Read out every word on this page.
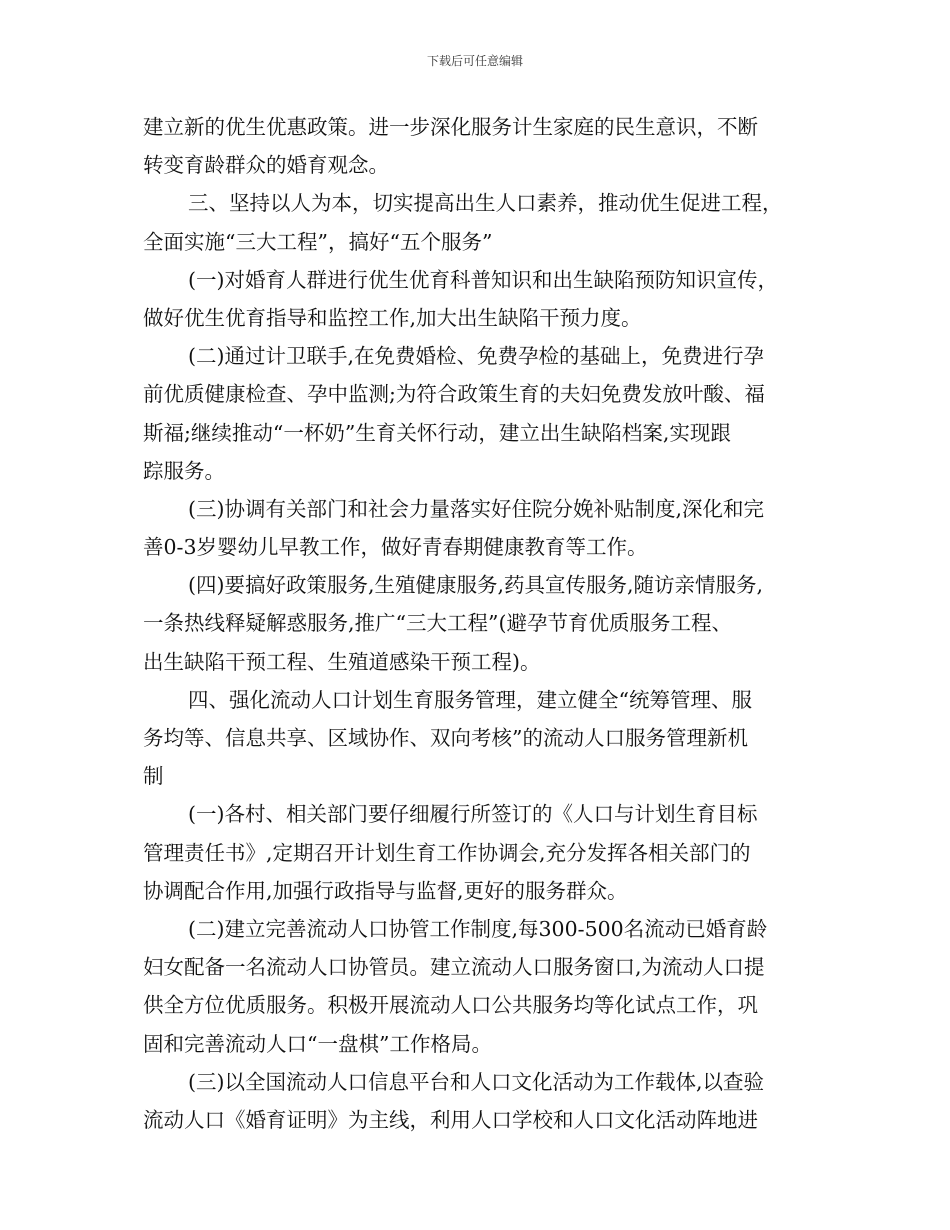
下载后可任意编辑
建立新的优生优惠政策。进一步深化服务计生家庭的民生意识，不断
转变育龄群众的婚育观念。
三、坚持以人为本，切实提高出生人口素养，推动优生促进工程，
全面实施“三大工程”，搞好“五个服务”
(一)对婚育人群进行优生优育科普知识和出生缺陷预防知识宣传，
做好优生优育指导和监控工作,加大出生缺陷干预力度。
(二)通过计卫联手,在免费婚检、免费孕检的基础上，免费进行孕
前优质健康检查、孕中监测;为符合政策生育的夫妇免费发放叶酸、福
斯福;继续推动“一杯奶”生育关怀行动，建立出生缺陷档案,实现跟
踪服务。
(三)协调有关部门和社会力量落实好住院分娩补贴制度,深化和完
善0-3岁婴幼儿早教工作，做好青春期健康教育等工作。
(四)要搞好政策服务,生殖健康服务,药具宣传服务,随访亲情服务,
一条热线释疑解惑服务,推广“三大工程”(避孕节育优质服务工程、
出生缺陷干预工程、生殖道感染干预工程)。
四、强化流动人口计划生育服务管理，建立健全“统筹管理、服
务均等、信息共享、区域协作、双向考核”的流动人口服务管理新机
制
(一)各村、相关部门要仔细履行所签订的《人口与计划生育目标
管理责任书》,定期召开计划生育工作协调会,充分发挥各相关部门的
协调配合作用,加强行政指导与监督,更好的服务群众。
(二)建立完善流动人口协管工作制度,每300-500名流动已婚育龄
妇女配备一名流动人口协管员。建立流动人口服务窗口,为流动人口提
供全方位优质服务。积极开展流动人口公共服务均等化试点工作，巩
固和完善流动人口“一盘棋”工作格局。
(三)以全国流动人口信息平台和人口文化活动为工作载体,以查验
流动人口《婚育证明》为主线，利用人口学校和人口文化活动阵地进
